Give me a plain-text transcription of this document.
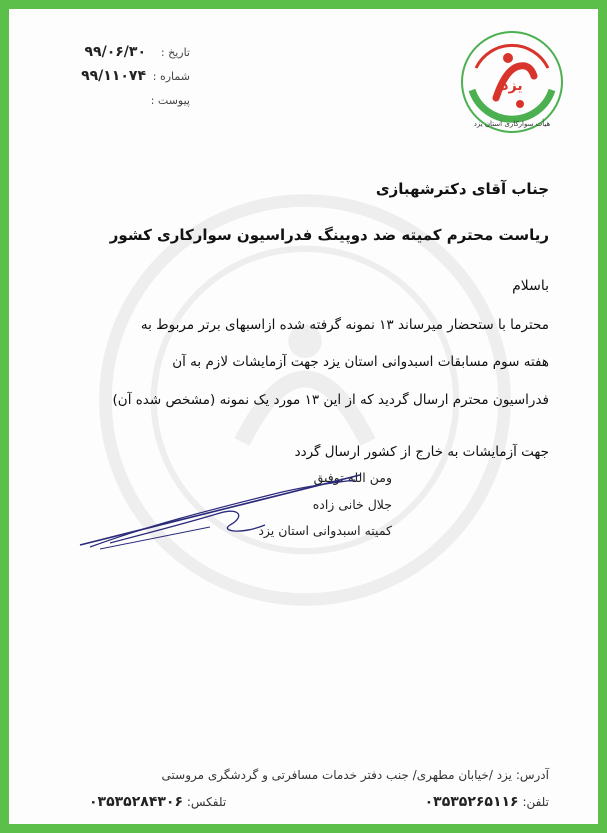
یزد
هیأت سوارکاری استان یزد
تاریخ :
۹۹/۰۶/۳۰
شماره :
۹۹/۱۱۰۷۴
پیوست :
جناب آقای دکترشهبازی
ریاست محترم کمیته ضد دوپینگ فدراسیون سوارکاری کشور
باسلام
محترما با ستحضار میرساند ۱۳ نمونه گرفته شده ازاسبهای برتر مربوط به
هفته سوم مسابقات اسبدوانی استان یزد جهت آزمایشات لازم به آن
فدراسیون محترم ارسال گردید که از این ۱۳ مورد یک نمونه (مشخص شده آن)
جهت آزمایشات به خارج از کشور ارسال گردد
ومن الله توفیق
جلال خانی زاده
کمیته اسبدوانی استان یزد
آدرس: یزد /خیابان مطهری/ جنب دفتر خدمات مسافرتی و گردشگری مروستی
تلفن: ۰۳۵۳۵۲۶۵۱۱۶
تلفکس: ۰۳۵۳۵۲۸۴۳۰۶
